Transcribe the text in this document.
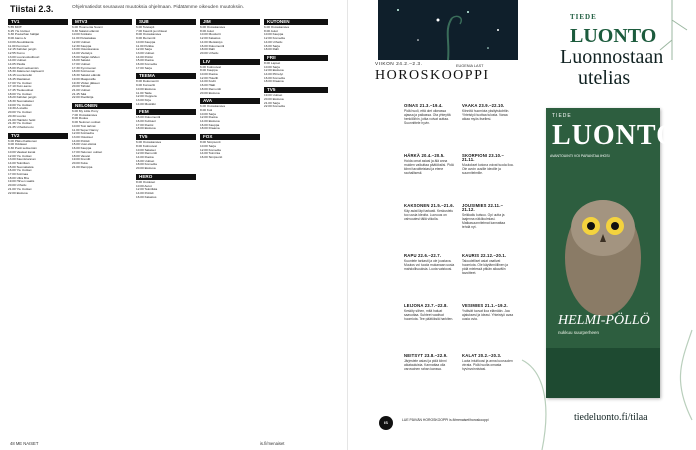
Tiistai 2.3.	Ohjelmatiedot seuraavat muutoksia ohjelmaan. Pidätämme oikeuden muutoksiin.
TV1
5.55 MOT:
6.25 Yle Uutiset
6.30 Puutarhan haltijat
8.00 Aamu-tv
10.00 Akuuttikanta
11.00 Kummeli
12.15 Kahden jengin
12.55 Kumu
13.00 Luonnoskulttuuri
14.00 Uutiset
14.05 Pasila
15.00 Puoli seitsemän
15.30 Jäämeren kapteenit
16.15 Luontoretki
16.45 Rastiaiset
17.00 Yle Uutiset
17.10 Kuin aamu
17.45 Tiedeuutiset
18.00 Yle Uutiset
18.20 Kahden jengin
18.30 Suomalaiset
19.00 Yle Uutiset
19.30 A-studio
20.00 Yle Uutiset
20.30 Luonto
21.00 Hairikön hetki
21.30 Yle Uutiset
21.35 Urheiluruutu
TV2
6.00 Pikku Kakkonen
9.00 Oddasat
9.30 Puoli seitsemän
10.00 Vaaleat kanat
12.00 Yle Uutiset
13.00 Kaunisrannan
14.00 Tekniikan
15.00 Suomalaisia
16.00 Yle Uutiset
17.00 Kotimaa
18.00 Ultra Bra
19.00 Hirven saalis
20.00 Urheilu
21.00 Yle Uutiset
22.00 Elokuva
MTV3
6.00 Huomenta Suomi
9.30 Salatut elämät
10.00 Kotikatu
11.00 Pelastakaa
12.00 Uutiset
12.30 Kauppa
13.00 Ostoskanava
14.00 Viettelys
15.00 Neljän tähden
16.00 Salatut
17.00 Uutiset
17.30 Kymmenen
18.00 Kotirouvat
18.30 Salatut elämät
19.00 Maajussille
19.30 Viiden jälkeen
20.00 Tähdet
21.00 Uutiset
21.45 Sää
22.00 Roolikirja
NELONEN
6.00 My Little Pony
7.00 Ostoskanava
8.00 Ruoka
9.00 Nelonen uutiset
10.00 Tosi tarinat
11.00 Super Nanny
12.00 Kotirauha
13.00 Ostokset
14.00 Poliisit
15.00 Uusi elämä
16.00 Kauppa
17.00 Nelonen uutiset
18.00 Vauvat
19.00 Frendit
20.00 Kuka
21.00 Remppa
SUB
6.00 Teletapit
7.00 Kauniit ja rohkeat
8.00 Ostoskanava
9.00 Remontti
10.00 Kauppa
11.00 Pulkka
12.00 Sarja
13.00 Uutiset
14.00 Poliisi
15.00 Ruoka
16.00 Komedia
17.00 Sarja
TEEMA
8.00 Dokumentti
9.00 Konsertti
10.00 Elokuva
11.00 Taide
12.00 Ooppera
13.00 Kirja
14.00 Musiikki
FEM
15.00 Dokumentti
16.00 Kulttuuri
17.00 Ruotsi
18.00 Elokuva
TV5
6.00 Ostoskanava
8.00 Kotirouvat
10.00 Salaiset
12.00 Remontti
14.00 Ruoka
16.00 Uutiset
18.00 Komedia
20.00 Elokuva
HERO
8.00 Ostokset
10.00 Autot
12.00 Tekniikka
14.00 Poliisit
16.00 Kalastus
JIM
6.00 Ostoskanava
8.00 Autot
10.00 Moottorit
12.00 Kalastus
14.00 Metsästys
16.00 Dokumentti
18.00 Ralli
20.00 Urheilu
LIV
6.00 Kotirouvat
8.00 Kauppa
10.00 Ruoka
12.00 Hotellit
14.00 Kodit
16.00 Häät
18.00 Remontti
20.00 Elokuva
AVA
6.00 Ostoskanava
8.00 Koti
10.00 Sarja
12.00 Ruoka
14.00 Elokuva
16.00 Kauppa
18.00 Draama
FOX
8.00 Simpsonit
10.00 Sarja
12.00 Komedia
14.00 Toiminta
16.00 Simpsonit
KUTONEN
6.00 Ostoskanava
8.00 Autot
10.00 Kauppa
12.00 Komedia
14.00 Urheilu
16.00 Sarja
18.00 Ralli
FRII
8.00 Lapset
10.00 Sarja
12.00 Elokuva
14.00 Piirretyt
16.00 Komedia
18.00 Draama
TV5
19.00 Uutiset
20.00 Elokuva
21.00 Sarja
22.00 Komedia
48 ME NAISET	is.fi/menaiset
VIIKON 24.2.–2.3.
HOROSKOOPPI
EUGENIA LAST
IS	LUE PÄIVÄN HOROSKOOPPI is.fi/menaiset/horoskooppi
TIEDE
LUONTO
Luonnostaan
utelias
TIEDE
LUONTO
AVANTOUINTI VOI PARANTAA IHOSI
HELMI-PÖLLÖ
nukkuu suurperheen
tiedeluonto.fi/tilaa
OINAS 21.3.–19.4.
Pidä huoli, että olet oikeassa ajassa ja paikassa. Ota yhteyttä henkilöihin, jotka voivat auttaa. Suunnittele hyvin.
HÄRKÄ 20.4.–20.5.
Hoida omat asiasi ja älä anna muiden vaikuttaa päätöksiisi. Pidä kiinni tavoitteistasi ja etene rauhallisesti.
KAKSONEN 21.5.–21.6.
Käy asiat läpi tarkasti. Keskustelu tuo uusia ideoita. Luovuus on vahvuutesi tällä viikolla.
RAPU 22.6.–22.7.
Kuuntele tarkasti ja ole joustava. Muutos voi tuoda mukanaan uusia mahdollisuuksia. Luota vaistoosi.
LEIJONA 23.7.–22.8.
Keskity siihen, mitä haluat saavuttaa. Suhteet vaativat huomiota. Tee päätöksiä harkiten.
NEITSYT 23.8.–22.9.
Järjestele asiasi ja pidä kiinni aikatauluista. Kannattaa olla varovainen rahan kanssa.
VAAKA 23.9.–22.10.
Kiinnitä huomiota yksityiskohtiin. Yhteistyö tuottaa tulosta. Varaa aikaa myös itsellesi.
SKORPIONI 23.10.–21.11.
Muutokset kotona voivat tuoda iloa. Ole avoin uusille ideoille ja suunnitelmille.
JOUSIMIES 22.11.–21.12.
Seikkailu kutsuu. Opi uutta ja laajenna näkökulmiasi. Matkasuunnitelmat kannattaa tehdä nyt.
KAURIS 22.12.–20.1.
Taloudelliset asiat vaativat huomiota. Ole käytännöllinen ja pidä mielessä pitkän aikavälin tavoitteet.
VESIMIES 21.1.–19.2.
Ystävät tuovat iloa elämään. Jaa ajatuksesi ja ideasi. Yhteistyö avaa uusia ovia.
KALAT 20.2.–20.3.
Luota intuitioosi ja anna luovuuden virrata. Pidä huolta omasta hyvinvoinnistasi.
